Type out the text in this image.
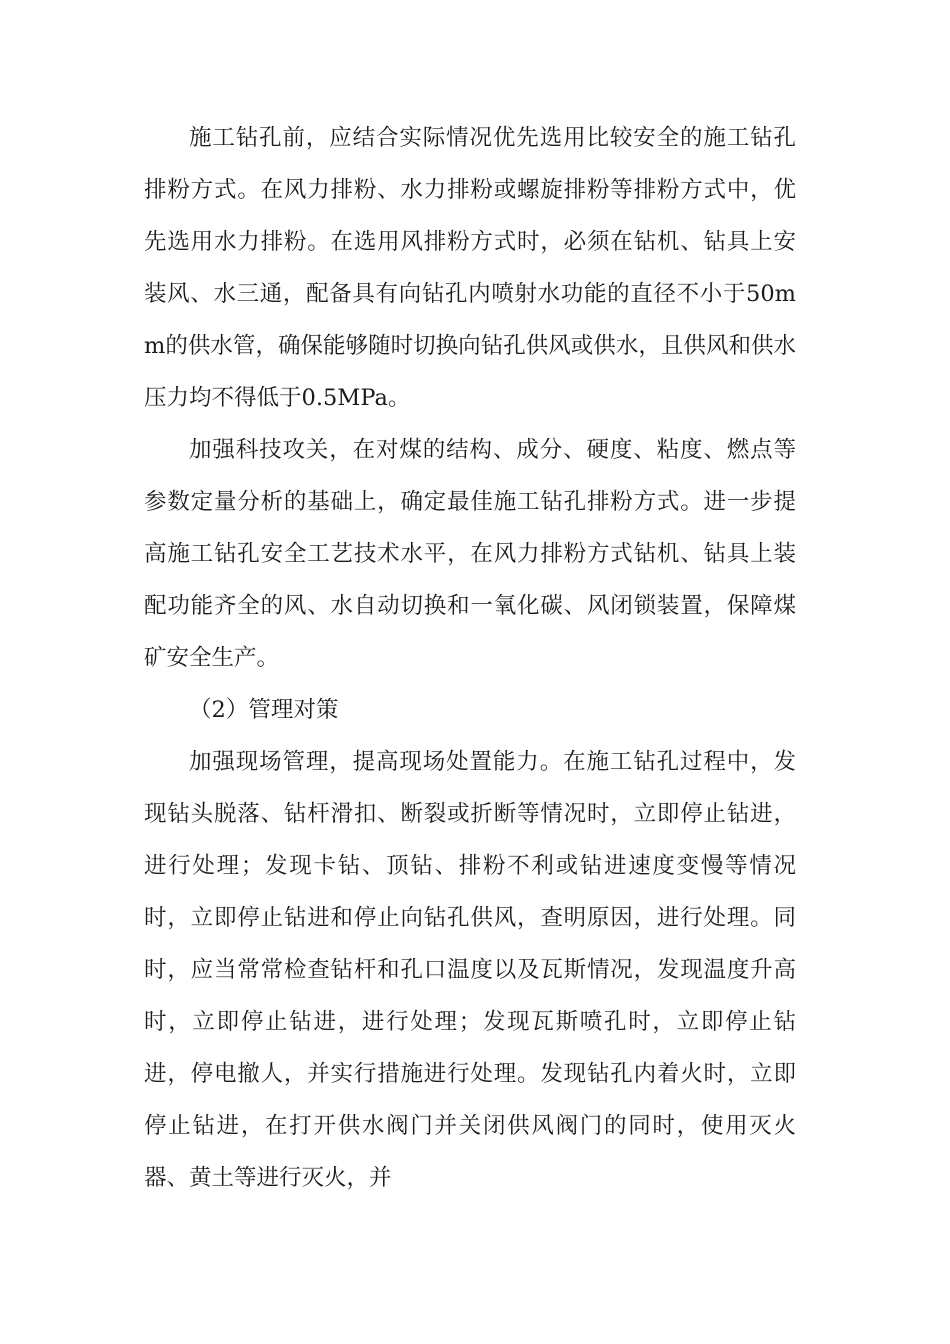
施工钻孔前，应结合实际情况优先选用比较安全的施工钻孔排粉方式。在风力排粉、水力排粉或螺旋排粉等排粉方式中，优先选用水力排粉。在选用风排粉方式时，必须在钻机、钻具上安装风、水三通，配备具有向钻孔内喷射水功能的直径不小于50mm的供水管，确保能够随时切换向钻孔供风或供水，且供风和供水压力均不得低于0.5MPa。

加强科技攻关，在对煤的结构、成分、硬度、粘度、燃点等参数定量分析的基础上，确定最佳施工钻孔排粉方式。进一步提高施工钻孔安全工艺技术水平，在风力排粉方式钻机、钻具上装配功能齐全的风、水自动切换和一氧化碳、风闭锁装置，保障煤矿安全生产。

（2）管理对策

加强现场管理，提高现场处置能力。在施工钻孔过程中，发现钻头脱落、钻杆滑扣、断裂或折断等情况时，立即停止钻进，进行处理；发现卡钻、顶钻、排粉不利或钻进速度变慢等情况时，立即停止钻进和停止向钻孔供风，查明原因，进行处理。同时，应当常常检查钻杆和孔口温度以及瓦斯情况，发现温度升高时，立即停止钻进，进行处理；发现瓦斯喷孔时，立即停止钻进，停电撤人，并实行措施进行处理。发现钻孔内着火时，立即停止钻进，在打开供水阀门并关闭供风阀门的同时，使用灭火器、黄土等进行灭火，并
